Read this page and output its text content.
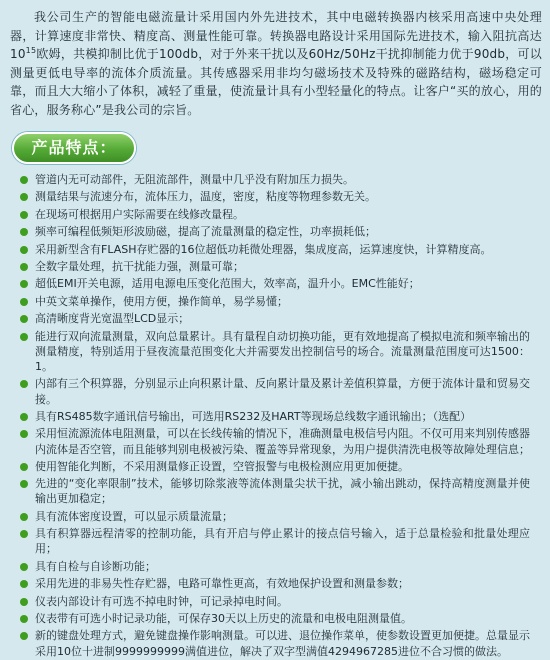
我公司生产的智能电磁流量计采用国内外先进技术，其中电磁转换器内核采用高速中央处理器，计算速度非常快、精度高、测量性能可靠。转换器电路设计采用国际先进技术，输入阻抗高达$10^{15}$欧姆，共模抑制比优于100db，对于外来干扰以及60Hz/50Hz干扰抑制能力优于90db，可以测量更低电导率的流体介质流量。其传感器采用非均匀磁场技术及特殊的磁路结构，磁场稳定可靠，而且大大缩小了体积，减轻了重量，使流量计具有小型轻量化的特点。让客户“买的放心，用的省心，服务称心”是我公司的宗旨。

产品特点：
管道内无可动部件，无阻流部件，测量中几乎没有附加压力损失。
测量结果与流速分布，流体压力，温度，密度，粘度等物理参数无关。
在现场可根据用户实际需要在线修改量程。
频率可编程低频矩形波励磁，提高了流量测量的稳定性，功率损耗低；
采用新型含有FLASH存贮器的16位超低功耗微处理器，集成度高，运算速度快，计算精度高。
全数字量处理，抗干扰能力强，测量可靠；
超低EMI开关电源，适用电源电压变化范围大，效率高，温升小。EMC性能好；
中英文菜单操作，使用方便，操作简单，易学易懂；
高清晰度背光宽温型LCD显示；
能进行双向流量测量，双向总量累计。具有量程自动切换功能，更有效地提高了模拟电流和频率输出的测量精度，特别适用于昼夜流量范围变化大并需要发出控制信号的场合。流量测量范围度可达1500：1。
内部有三个积算器，分别显示止向积累计量、反向累计量及累计差值积算量，方便于流体计量和贸易交接。
具有RS485数字通讯信号输出，可选用RS232及HART等现场总线数字通讯输出；（选配）
采用恒流源流体电阻测量，可以在长线传输的情况下，准确测量电极信号内阻。不仅可用来判别传感器内流体是否空管，而且能够判别电极被污染、覆盖等异常现象，为用户提供清洗电极等故障处理信息；
使用智能化判断，不采用测量修正设置，空管报警与电极检测应用更加便捷。
先进的“变化率限制”技术，能够切除浆液等流体测量尖状干扰，减小输出跳动，保持高精度测量并使输出更加稳定；
具有流体密度设置，可以显示质量流量；
具有积算器远程清零的控制功能，具有开启与停止累计的接点信号输入，适于总量检验和批量处理应用；
具有自检与自诊断功能；
采用先进的非易失性存贮器，电路可靠性更高，有效地保护设置和测量参数；
仪表内部设计有可选不掉电时钟，可记录掉电时间。
仪表带有可选小时记录功能，可保存30天以上历史的流量和电极电阻测量值。
新的键盘处理方式，避免键盘操作影响测量。可以进、退位操作菜单，使参数设置更加便捷。总量显示采用10位十进制9999999999满值进位，解决了双字型满值4294967285进位不合习惯的做法。
